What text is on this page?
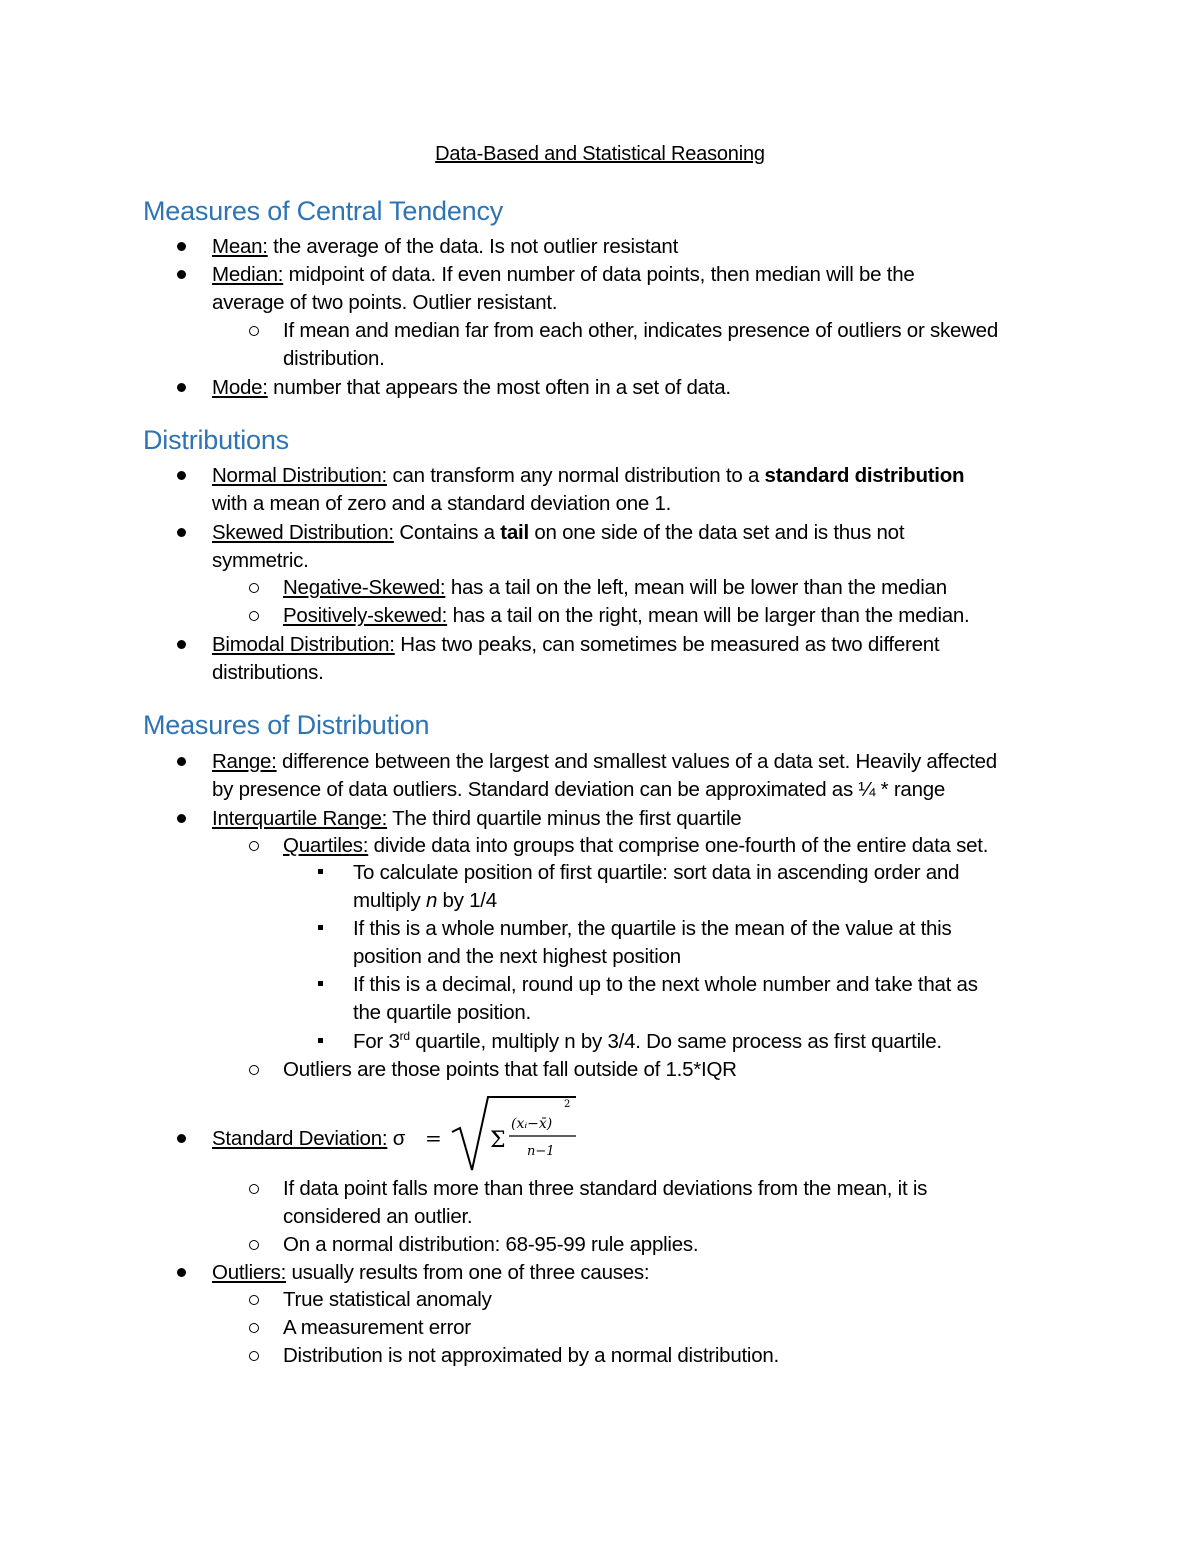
Data-Based and Statistical Reasoning
Measures of Central Tendency
Mean: the average of the data. Is not outlier resistant
Median: midpoint of data. If even number of data points, then median will be the
average of two points. Outlier resistant.
If mean and median far from each other, indicates presence of outliers or skewed
distribution.
Mode: number that appears the most often in a set of data.
Distributions
Normal Distribution: can transform any normal distribution to a standard distribution
with a mean of zero and a standard deviation one 1.
Skewed Distribution: Contains a tail on one side of the data set and is thus not
symmetric.
Negative-Skewed: has a tail on the left, mean will be lower than the median
Positively-skewed: has a tail on the right, mean will be larger than the median.
Bimodal Distribution: Has two peaks, can sometimes be measured as two different
distributions.
Measures of Distribution
Range: difference between the largest and smallest values of a data set. Heavily affected
by presence of data outliers. Standard deviation can be approximated as ¼ * range
Interquartile Range: The third quartile minus the first quartile
Quartiles: divide data into groups that comprise one-fourth of the entire data set.
To calculate position of first quartile: sort data in ascending order and
multiply n by 1/4
If this is a whole number, the quartile is the mean of the value at this
position and the next highest position
If this is a decimal, round up to the next whole number and take that as
the quartile position.
For 3rd quartile, multiply n by 3/4. Do same process as first quartile.
Outliers are those points that fall outside of 1.5*IQR
Standard Deviation: σ = Σ
(xᵢ−x̄)
2
n−1
If data point falls more than three standard deviations from the mean, it is
considered an outlier.
On a normal distribution: 68-95-99 rule applies.
Outliers: usually results from one of three causes:
True statistical anomaly
A measurement error
Distribution is not approximated by a normal distribution.
